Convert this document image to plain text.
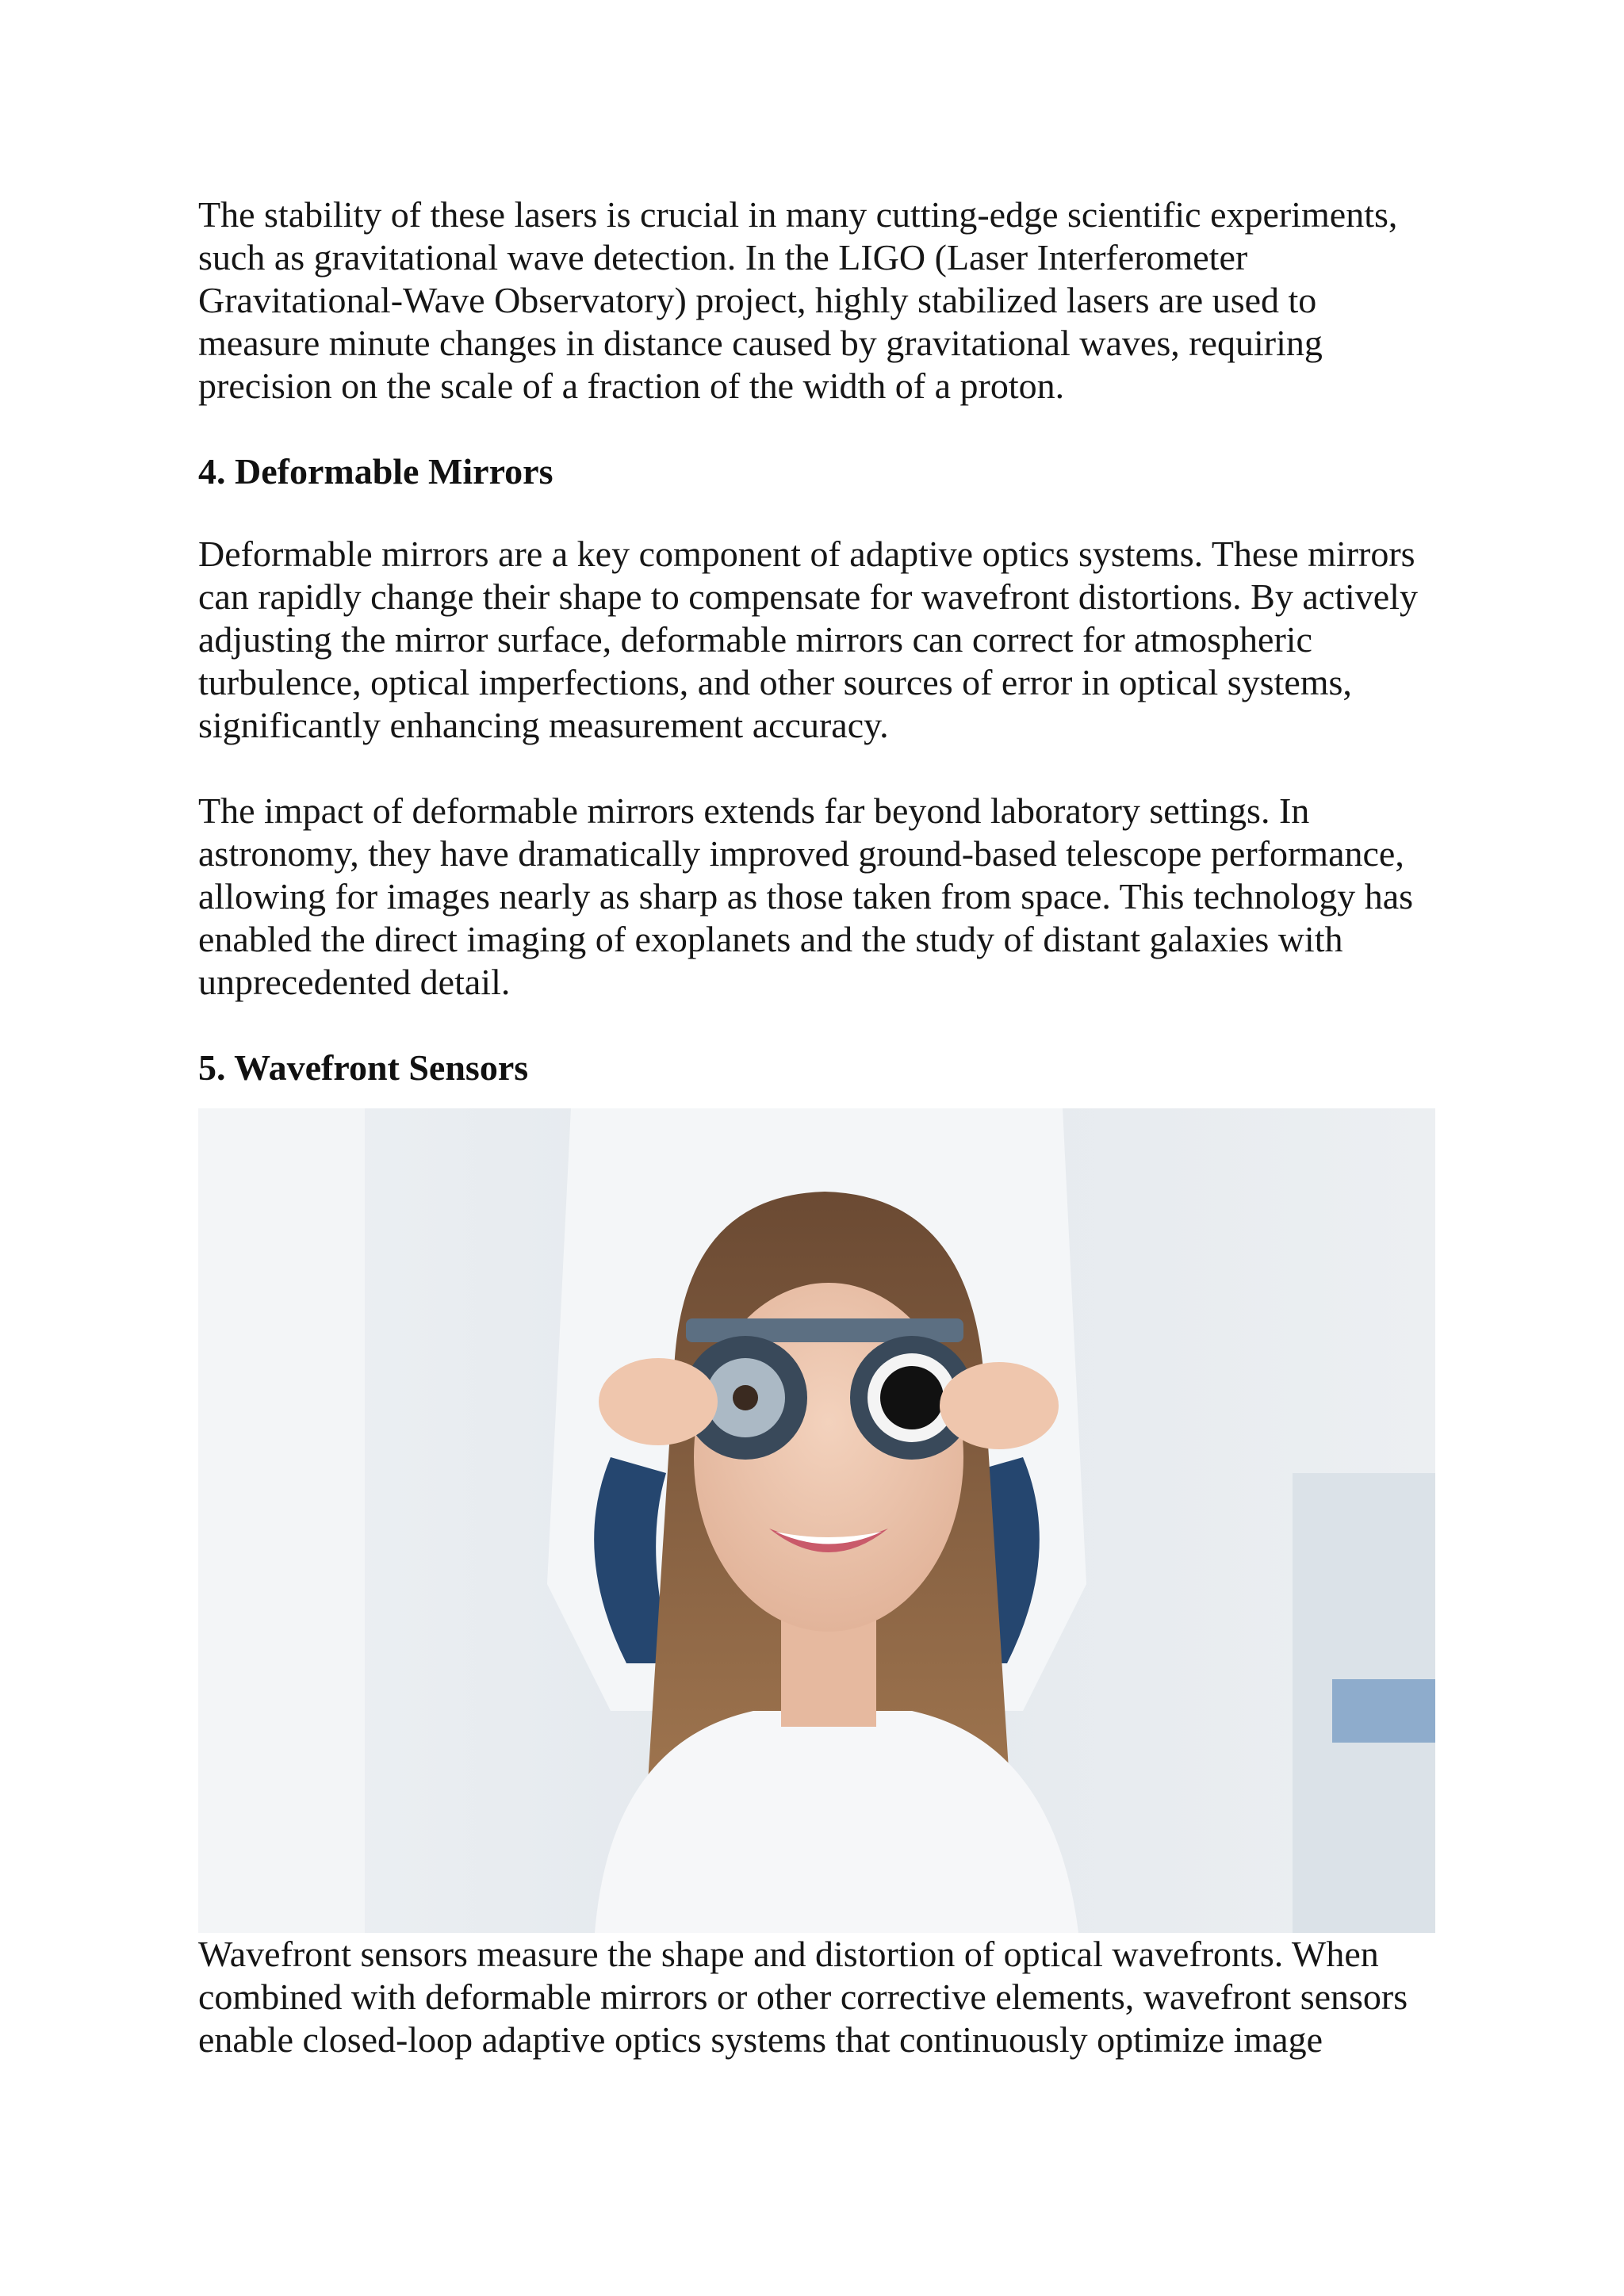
The stability of these lasers is crucial in many cutting-edge scientific experiments, such as gravitational wave detection. In the LIGO (Laser Interferometer Gravitational-Wave Observatory) project, highly stabilized lasers are used to measure minute changes in distance caused by gravitational waves, requiring precision on the scale of a fraction of the width of a proton.

4. Deformable Mirrors

Deformable mirrors are a key component of adaptive optics systems. These mirrors can rapidly change their shape to compensate for wavefront distortions. By actively adjusting the mirror surface, deformable mirrors can correct for atmospheric turbulence, optical imperfections, and other sources of error in optical systems, significantly enhancing measurement accuracy.

The impact of deformable mirrors extends far beyond laboratory settings. In astronomy, they have dramatically improved ground-based telescope performance, allowing for images nearly as sharp as those taken from space. This technology has enabled the direct imaging of exoplanets and the study of distant galaxies with unprecedented detail.

5. Wavefront Sensors

Wavefront sensors measure the shape and distortion of optical wavefronts. When combined with deformable mirrors or other corrective elements, wavefront sensors enable closed-loop adaptive optics systems that continuously optimize image
